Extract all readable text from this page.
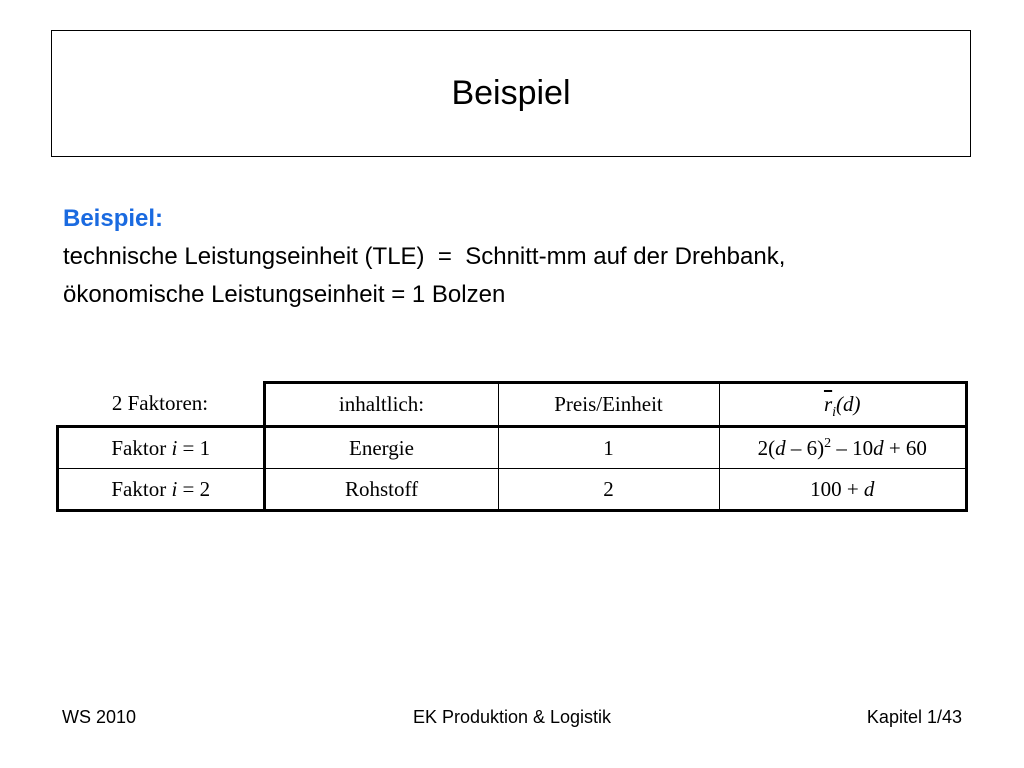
Beispiel
Beispiel:
technische Leistungseinheit (TLE)  =  Schnitt-mm auf der Drehbank,
ökonomische Leistungseinheit = 1 Bolzen
2 Faktoren:	inhaltlich:	Preis/Einheit	$\overline{r}_i(d)$
Faktor i = 1	Energie	1	2(d – 6)$^2$ – 10d + 60
Faktor i = 2	Rohstoff	2	100 + d
WS 2010	EK Produktion & Logistik	Kapitel 1/43
